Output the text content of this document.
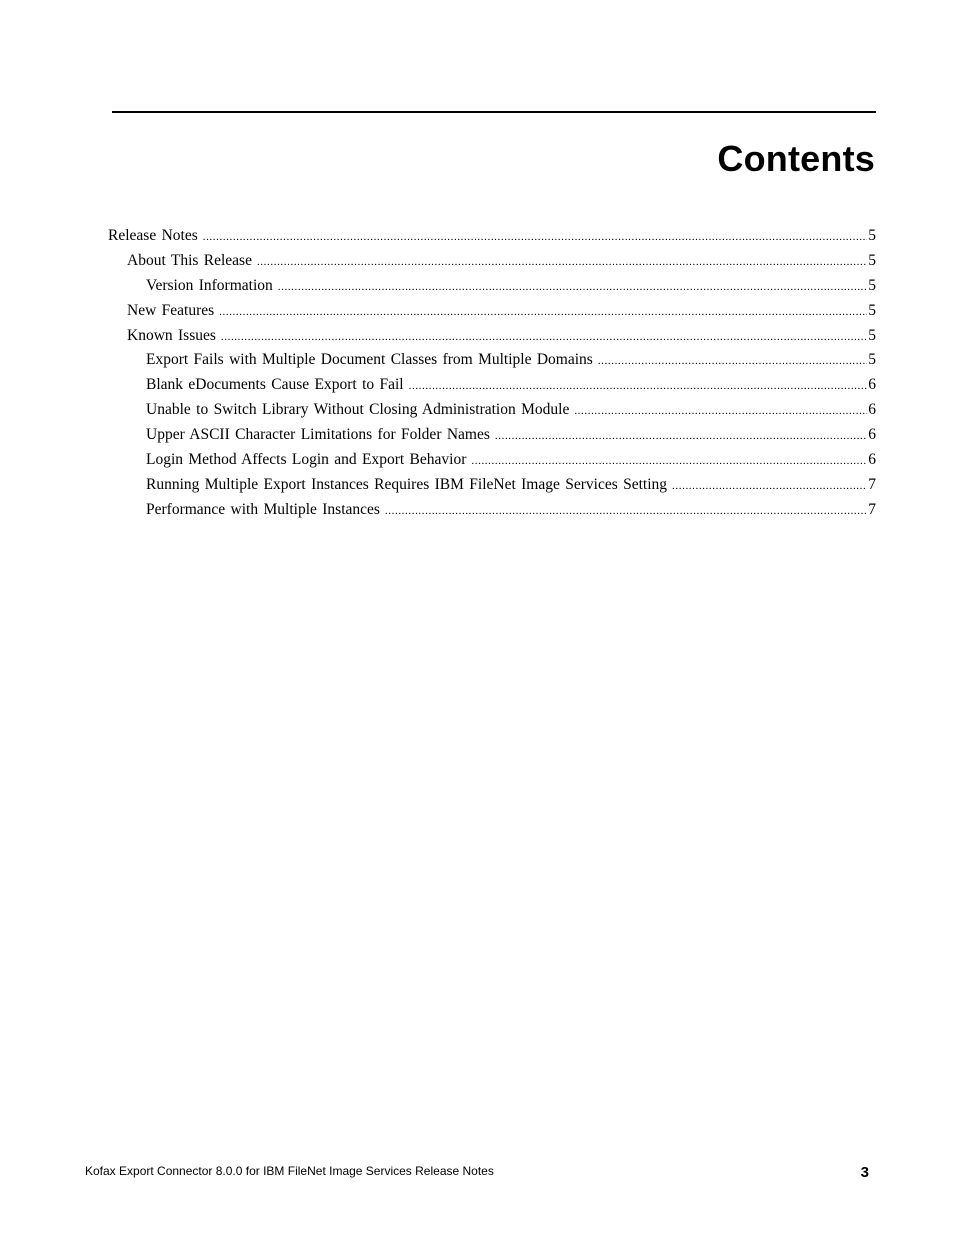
Contents
Release Notes .....	5
About This Release .....	5
Version Information .....	5
New Features .....	5
Known Issues .....	5
Export Fails with Multiple Document Classes from Multiple Domains .....	5
Blank eDocuments Cause Export to Fail .....	6
Unable to Switch Library Without Closing Administration Module .....	6
Upper ASCII Character Limitations for Folder Names .....	6
Login Method Affects Login and Export Behavior .....	6
Running Multiple Export Instances Requires IBM FileNet Image Services Setting .....	7
Performance with Multiple Instances .....	7
Kofax Export Connector 8.0.0 for IBM FileNet Image Services Release Notes	3
